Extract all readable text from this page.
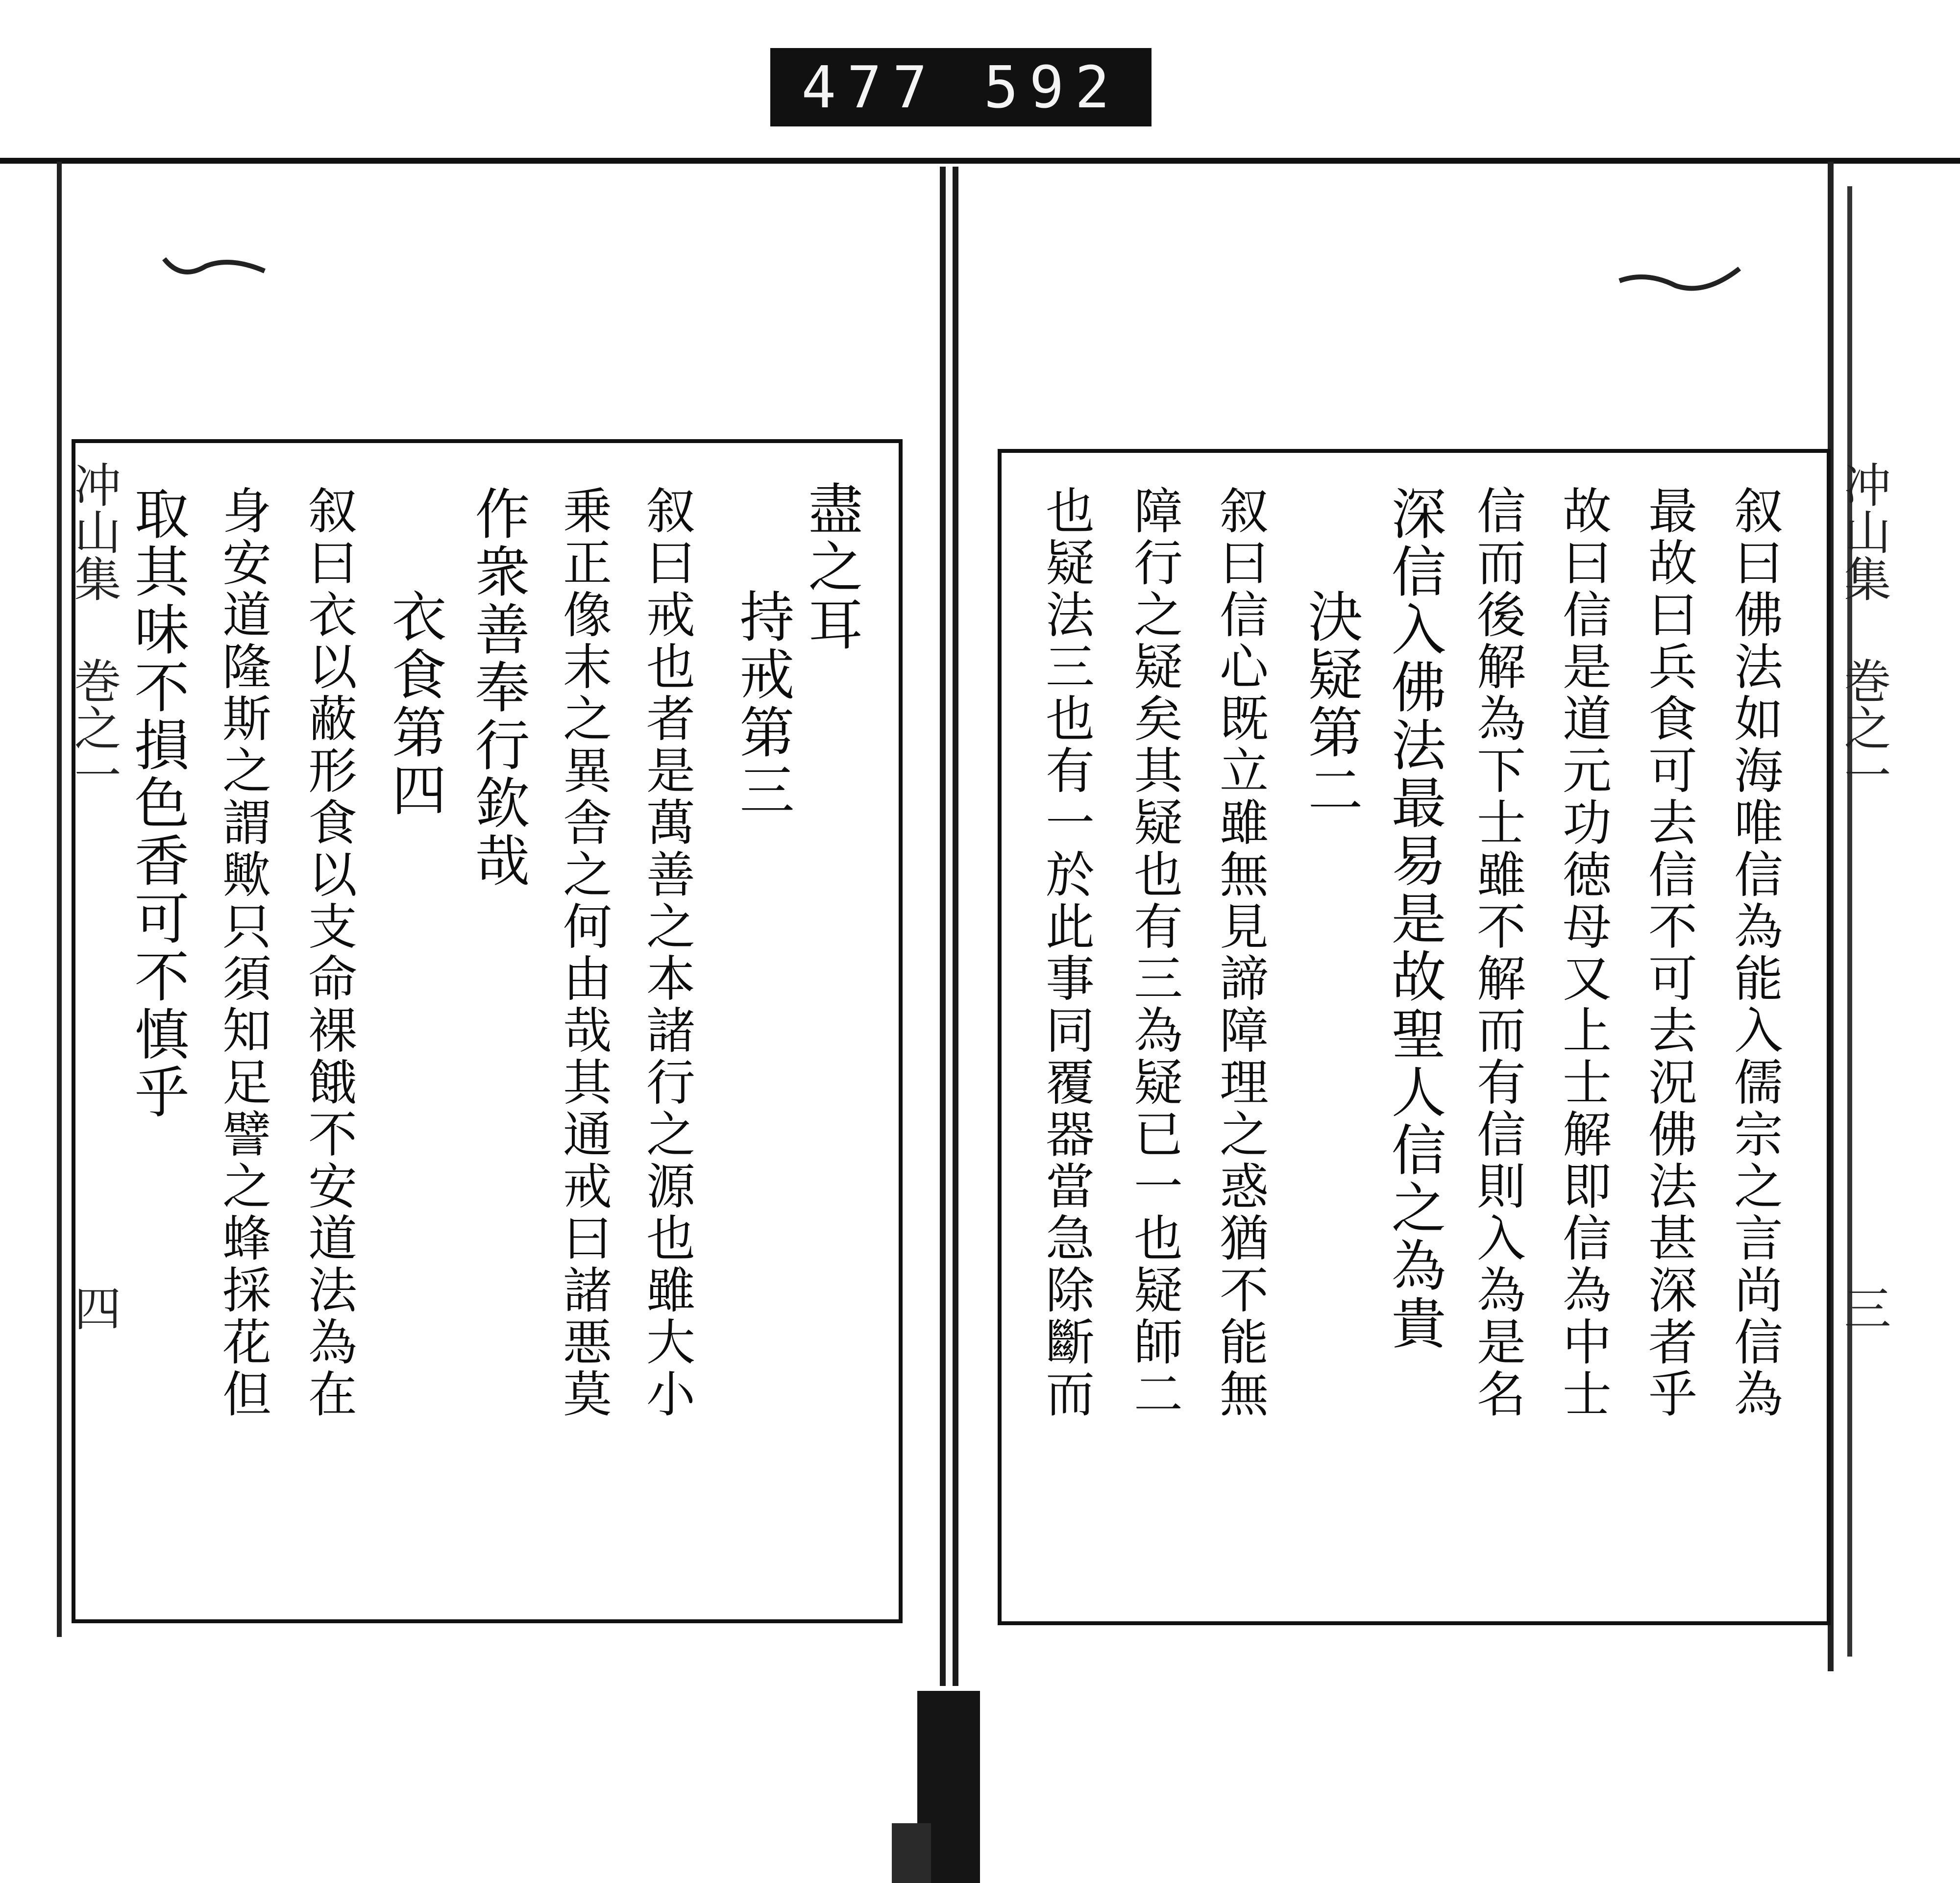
477 592
冲山集 巻之一
四
冲山集 巻之一
三
盡之耳
持戒第三
叙曰戒也者是萬善之本諸行之源也雖大小
乗正像末之異舎之何由哉其通戒曰諸悪莫
作衆善奉行欽哉
衣食第四
叙曰衣以蔽形食以支命裸餓不安道法為在
身安道隆斯之謂歟只須知足譬之蜂採花但
取其味不損色香可不慎乎	叙曰佛法如海唯信為能入儒宗之言尚信為
最故曰兵食可去信不可去況佛法甚深者乎
故曰信是道元功徳母又上士解即信為中士
信而後解為下士雖不解而有信則入為是名
深信入佛法最易是故聖人信之為貴
決疑第二
叙曰信心既立雖無見諦障理之惑猶不能無
障行之疑矣其疑也有三為疑已一也疑師二
也疑法三也有一於此事同覆器當急除斷而
